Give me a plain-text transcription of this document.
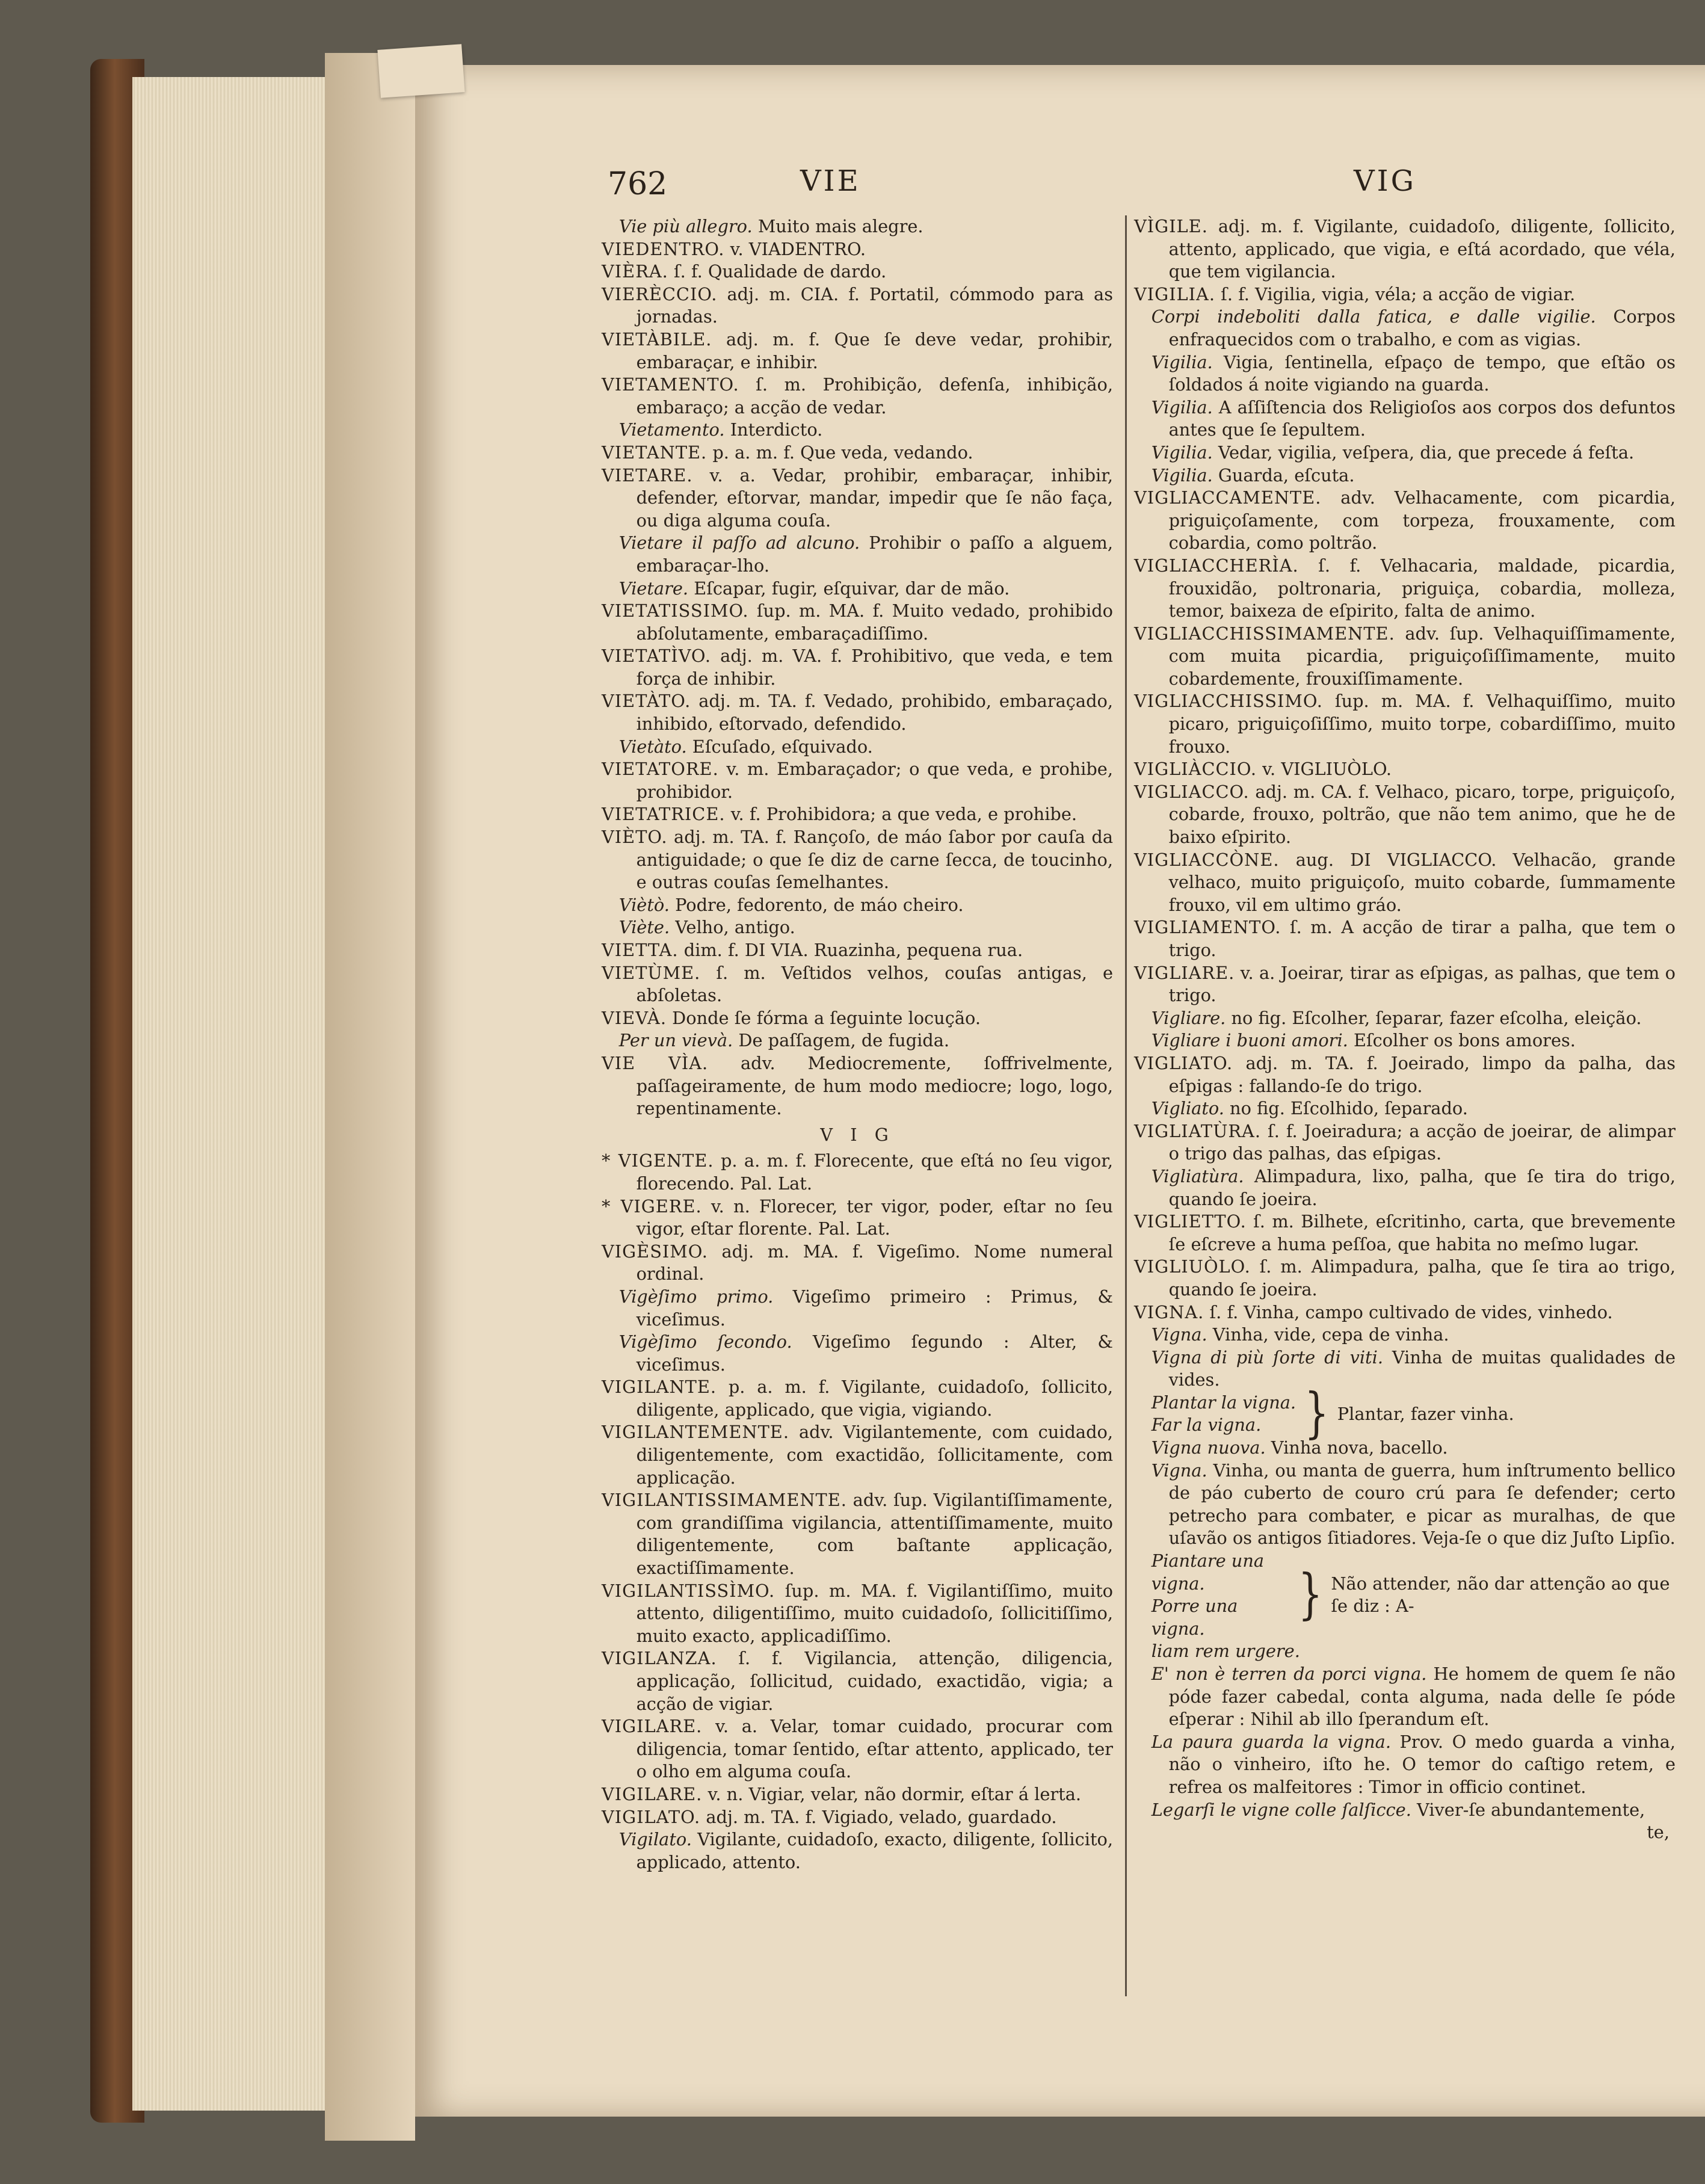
762	VIE	VIG

Vie più allegro. Muito mais alegre.

VIEDENTRO. v. VIADENTRO.

VIÈRA. ſ. f. Qualidade de dardo.

VIERÈCCIO. adj. m. CIA. f. Portatil, cómmodo para as jornadas.

VIETÀBILE. adj. m. f. Que ſe deve vedar, prohibir, embaraçar, e inhibir.

VIETAMENTO. ſ. m. Prohibição, defenſa, inhibição, embaraço; a acção de vedar.

Vietamento. Interdicto.

VIETANTE. p. a. m. f. Que veda, vedando.

VIETARE. v. a. Vedar, prohibir, embaraçar, inhibir, defender, eſtorvar, mandar, impedir que ſe não faça, ou diga alguma couſa.

Vietare il paſſo ad alcuno. Prohibir o paſſo a alguem, embaraçar-lho.

Vietare. Eſcapar, fugir, eſquivar, dar de mão.

VIETATISSIMO. ſup. m. MA. f. Muito vedado, prohibido abſolutamente, embaraçadiſſimo.

VIETATÌVO. adj. m. VA. f. Prohibitivo, que veda, e tem força de inhibir.

VIETÀTO. adj. m. TA. f. Vedado, prohibido, embaraçado, inhibido, eſtorvado, defendido.

Vietàto. Eſcuſado, eſquivado.

VIETATORE. v. m. Embaraçador; o que veda, e prohibe, prohibidor.

VIETATRICE. v. f. Prohibidora; a que veda, e prohibe.

VIÈTO. adj. m. TA. f. Rançoſo, de máo ſabor por cauſa da antiguidade; o que ſe diz de carne ſecca, de toucinho, e outras couſas ſemelhantes.

Viètò. Podre, fedorento, de máo cheiro.

Viète. Velho, antigo.

VIETTA. dim. f. DI VIA. Ruazinha, pequena rua.

VIETÙME. ſ. m. Veſtidos velhos, couſas antigas, e abſoletas.

VIEVÀ. Donde ſe fórma a ſeguinte locução.

Per un vievà. De paſſagem, de fugida.

VIE VÌA. adv. Mediocremente, ſoffrivelmente, paſſageiramente, de hum modo mediocre; logo, logo, repentinamente.

V I G

* VIGENTE. p. a. m. f. Florecente, que eſtá no ſeu vigor, florecendo. Pal. Lat.

* VIGERE. v. n. Florecer, ter vigor, poder, eſtar no ſeu vigor, eſtar florente. Pal. Lat.

VIGÈSIMO. adj. m. MA. f. Vigeſimo. Nome numeral ordinal.

Vigèſimo primo. Vigeſimo primeiro : Primus, & viceſimus.

Vigèſimo ſecondo. Vigeſimo ſegundo : Alter, & viceſimus.

VIGILANTE. p. a. m. f. Vigilante, cuidadoſo, ſollicito, diligente, applicado, que vigia, vigiando.

VIGILANTEMENTE. adv. Vigilantemente, com cuidado, diligentemente, com exactidão, ſollicitamente, com applicação.

VIGILANTISSIMAMENTE. adv. ſup. Vigilantiſſimamente, com grandiſſima vigilancia, attentiſſimamente, muito diligentemente, com baſtante applicação, exactiſſimamente.

VIGILANTISSÌMO. ſup. m. MA. f. Vigilantiſſimo, muito attento, diligentiſſimo, muito cuidadoſo, ſollicitiſſimo, muito exacto, applicadiſſimo.

VIGILANZA. ſ. f. Vigilancia, attenção, diligencia, applicação, ſollicitud, cuidado, exactidão, vigia; a acção de vigiar.

VIGILARE. v. a. Velar, tomar cuidado, procurar com diligencia, tomar ſentido, eſtar attento, applicado, ter o olho em alguma couſa.

VIGILARE. v. n. Vigiar, velar, não dormir, eſtar á lerta.

VIGILATO. adj. m. TA. f. Vigiado, velado, guardado.

Vigilato. Vigilante, cuidadoſo, exacto, diligente, ſollicito, applicado, attento.

VÌGILE. adj. m. f. Vigilante, cuidadoſo, diligente, ſollicito, attento, applicado, que vigia, e eſtá acordado, que véla, que tem vigilancia.

VIGILIA. ſ. f. Vigilia, vigia, véla; a acção de vigiar.

Corpi indeboliti dalla fatica, e dalle vigilie. Corpos enfraquecidos com o trabalho, e com as vigias.

Vigilia. Vigia, ſentinella, eſpaço de tempo, que eſtão os ſoldados á noite vigiando na guarda.

Vigilia. A aſſiſtencia dos Religioſos aos corpos dos defuntos antes que ſe ſepultem.

Vigilia. Vedar, vigilia, veſpera, dia, que precede á feſta.

Vigilia. Guarda, eſcuta.

VIGLIACCAMENTE. adv. Velhacamente, com picardia, priguiçoſamente, com torpeza, frouxamente, com cobardia, como poltrão.

VIGLIACCHERÌA. ſ. f. Velhacaria, maldade, picardia, frouxidão, poltronaria, priguiça, cobardia, molleza, temor, baixeza de eſpirito, falta de animo.

VIGLIACCHISSIMAMENTE. adv. ſup. Velhaquiſſimamente, com muita picardia, priguiçoſiſſimamente, muito cobardemente, frouxiſſimamente.

VIGLIACCHISSIMO. ſup. m. MA. f. Velhaquiſſimo, muito picaro, priguiçoſiſſimo, muito torpe, cobardiſſimo, muito frouxo.

VIGLIÀCCIO. v. VIGLIUÒLO.

VIGLIACCO. adj. m. CA. f. Velhaco, picaro, torpe, priguiçoſo, cobarde, frouxo, poltrão, que não tem animo, que he de baixo eſpirito.

VIGLIACCÒNE. aug. DI VIGLIACCO. Velhacão, grande velhaco, muito priguiçoſo, muito cobarde, ſummamente frouxo, vil em ultimo gráo.

VIGLIAMENTO. ſ. m. A acção de tirar a palha, que tem o trigo.

VIGLIARE. v. a. Joeirar, tirar as eſpigas, as palhas, que tem o trigo.

Vigliare. no fig. Eſcolher, ſeparar, fazer eſcolha, eleição.

Vigliare i buoni amori. Eſcolher os bons amores.

VIGLIATO. adj. m. TA. f. Joeirado, limpo da palha, das eſpigas : fallando-ſe do trigo.

Vigliato. no fig. Eſcolhido, ſeparado.

VIGLIATÙRA. ſ. f. Joeiradura; a acção de joeirar, de alimpar o trigo das palhas, das eſpigas.

Vigliatùra. Alimpadura, lixo, palha, que ſe tira do trigo, quando ſe joeira.

VIGLIETTO. ſ. m. Bilhete, eſcritinho, carta, que brevemente ſe eſcreve a huma peſſoa, que habita no meſmo lugar.

VIGLIUÒLO. ſ. m. Alimpadura, palha, que ſe tira ao trigo, quando ſe joeira.

VIGNA. ſ. f. Vinha, campo cultivado de vides, vinhedo.

Vigna. Vinha, vide, cepa de vinha.

Vigna di più ſorte di viti. Vinha de muitas qualidades de vides.

Plantar la vigna.
Far la vigna.	} Plantar, fazer vinha.

Vigna nuova. Vinha nova, bacello.

Vigna. Vinha, ou manta de guerra, hum inſtrumento bellico de páo cuberto de couro crú para ſe defender; certo petrecho para combater, e picar as muralhas, de que uſavão os antigos ſitiadores. Veja-ſe o que diz Juſto Lipſio.

Piantare una vigna.
Porre una vigna.
} Não attender, não dar attenção ao que ſe diz : A-

liam rem urgere.

E' non è terren da porci vigna. He homem de quem ſe não póde fazer cabedal, conta alguma, nada delle ſe póde eſperar : Nihil ab illo ſperandum eſt.

La paura guarda la vigna. Prov. O medo guarda a vinha, não o vinheiro, iſto he. O temor do caſtigo retem, e refrea os malfeitores : Timor in officio continet.

Legarſi le vigne colle ſalſicce. Viver-ſe abundantemente,

te,
